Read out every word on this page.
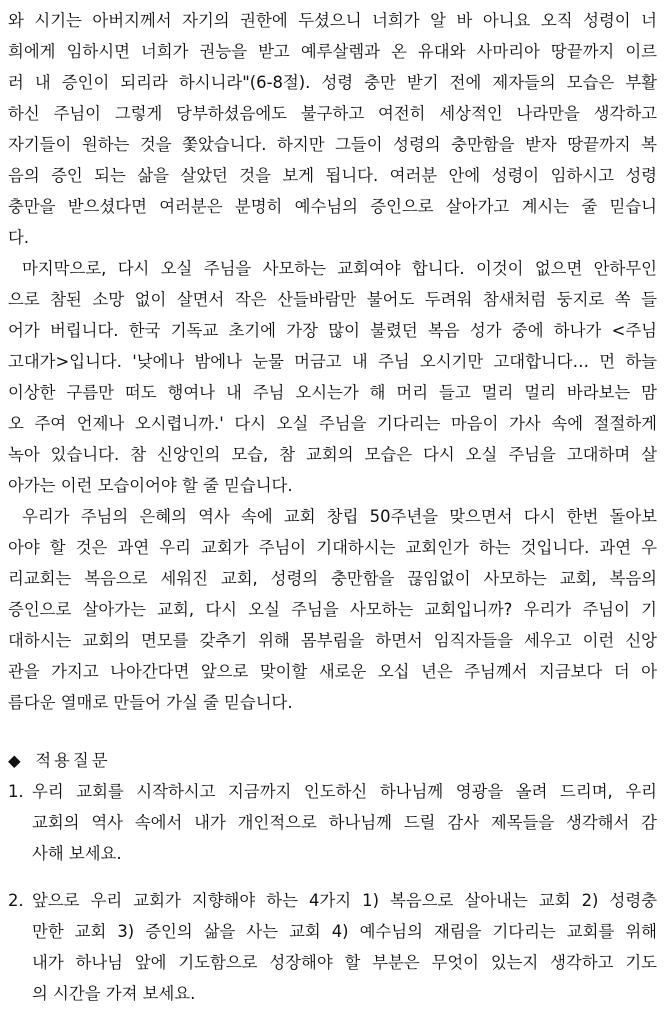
와 시기는 아버지께서 자기의 권한에 두셨으니 너희가 알 바 아니요 오직 성령이 너
희에게 임하시면 너희가 권능을 받고 예루살렘과 온 유대와 사마리아 땅끝까지 이르
러 내 증인이 되리라 하시니라"(6-8절). 성령 충만 받기 전에 제자들의 모습은 부활
하신 주님이 그렇게 당부하셨음에도 불구하고 여전히 세상적인 나라만을 생각하고
자기들이 원하는 것을 쫓았습니다. 하지만 그들이 성령의 충만함을 받자 땅끝까지 복
음의 증인 되는 삶을 살았던 것을 보게 됩니다. 여러분 안에 성령이 임하시고 성령
충만을 받으셨다면 여러분은 분명히 예수님의 증인으로 살아가고 계시는 줄 믿습니
다.

마지막으로, 다시 오실 주님을 사모하는 교회여야 합니다. 이것이 없으면 안하무인
으로 참된 소망 없이 살면서 작은 산들바람만 불어도 두려워 참새처럼 둥지로 쏙 들
어가 버립니다. 한국 기독교 초기에 가장 많이 불렸던 복음 성가 중에 하나가 <주님
고대가>입니다. '낮에나 밤에나 눈물 머금고 내 주님 오시기만 고대합니다… 먼 하늘
이상한 구름만 떠도 행여나 내 주님 오시는가 해 머리 들고 멀리 멀리 바라보는 맘
오 주여 언제나 오시렵니까.' 다시 오실 주님을 기다리는 마음이 가사 속에 절절하게
녹아 있습니다. 참 신앙인의 모습, 참 교회의 모습은 다시 오실 주님을 고대하며 살
아가는 이런 모습이어야 할 줄 믿습니다.

우리가 주님의 은혜의 역사 속에 교회 창립 50주년을 맞으면서 다시 한번 돌아보
아야 할 것은 과연 우리 교회가 주님이 기대하시는 교회인가 하는 것입니다. 과연 우
리교회는 복음으로 세워진 교회, 성령의 충만함을 끊임없이 사모하는 교회, 복음의
증인으로 살아가는 교회, 다시 오실 주님을 사모하는 교회입니까? 우리가 주님이 기
대하시는 교회의 면모를 갖추기 위해 몸부림을 하면서 임직자들을 세우고 이런 신앙
관을 가지고 나아간다면 앞으로 맞이할 새로운 오십 년은 주님께서 지금보다 더 아
름다운 열매로 만들어 가실 줄 믿습니다.

◆ 적용질문
1. 우리 교회를 시작하시고 지금까지 인도하신 하나님께 영광을 올려 드리며, 우리
교회의 역사 속에서 내가 개인적으로 하나님께 드릴 감사 제목들을 생각해서 감
사해 보세요.
2. 앞으로 우리 교회가 지향해야 하는 4가지 1) 복음으로 살아내는 교회 2) 성령충
만한 교회 3) 증인의 삶을 사는 교회 4) 예수님의 재림을 기다리는 교회를 위해
내가 하나님 앞에 기도함으로 성장해야 할 부분은 무엇이 있는지 생각하고 기도
의 시간을 가져 보세요.
